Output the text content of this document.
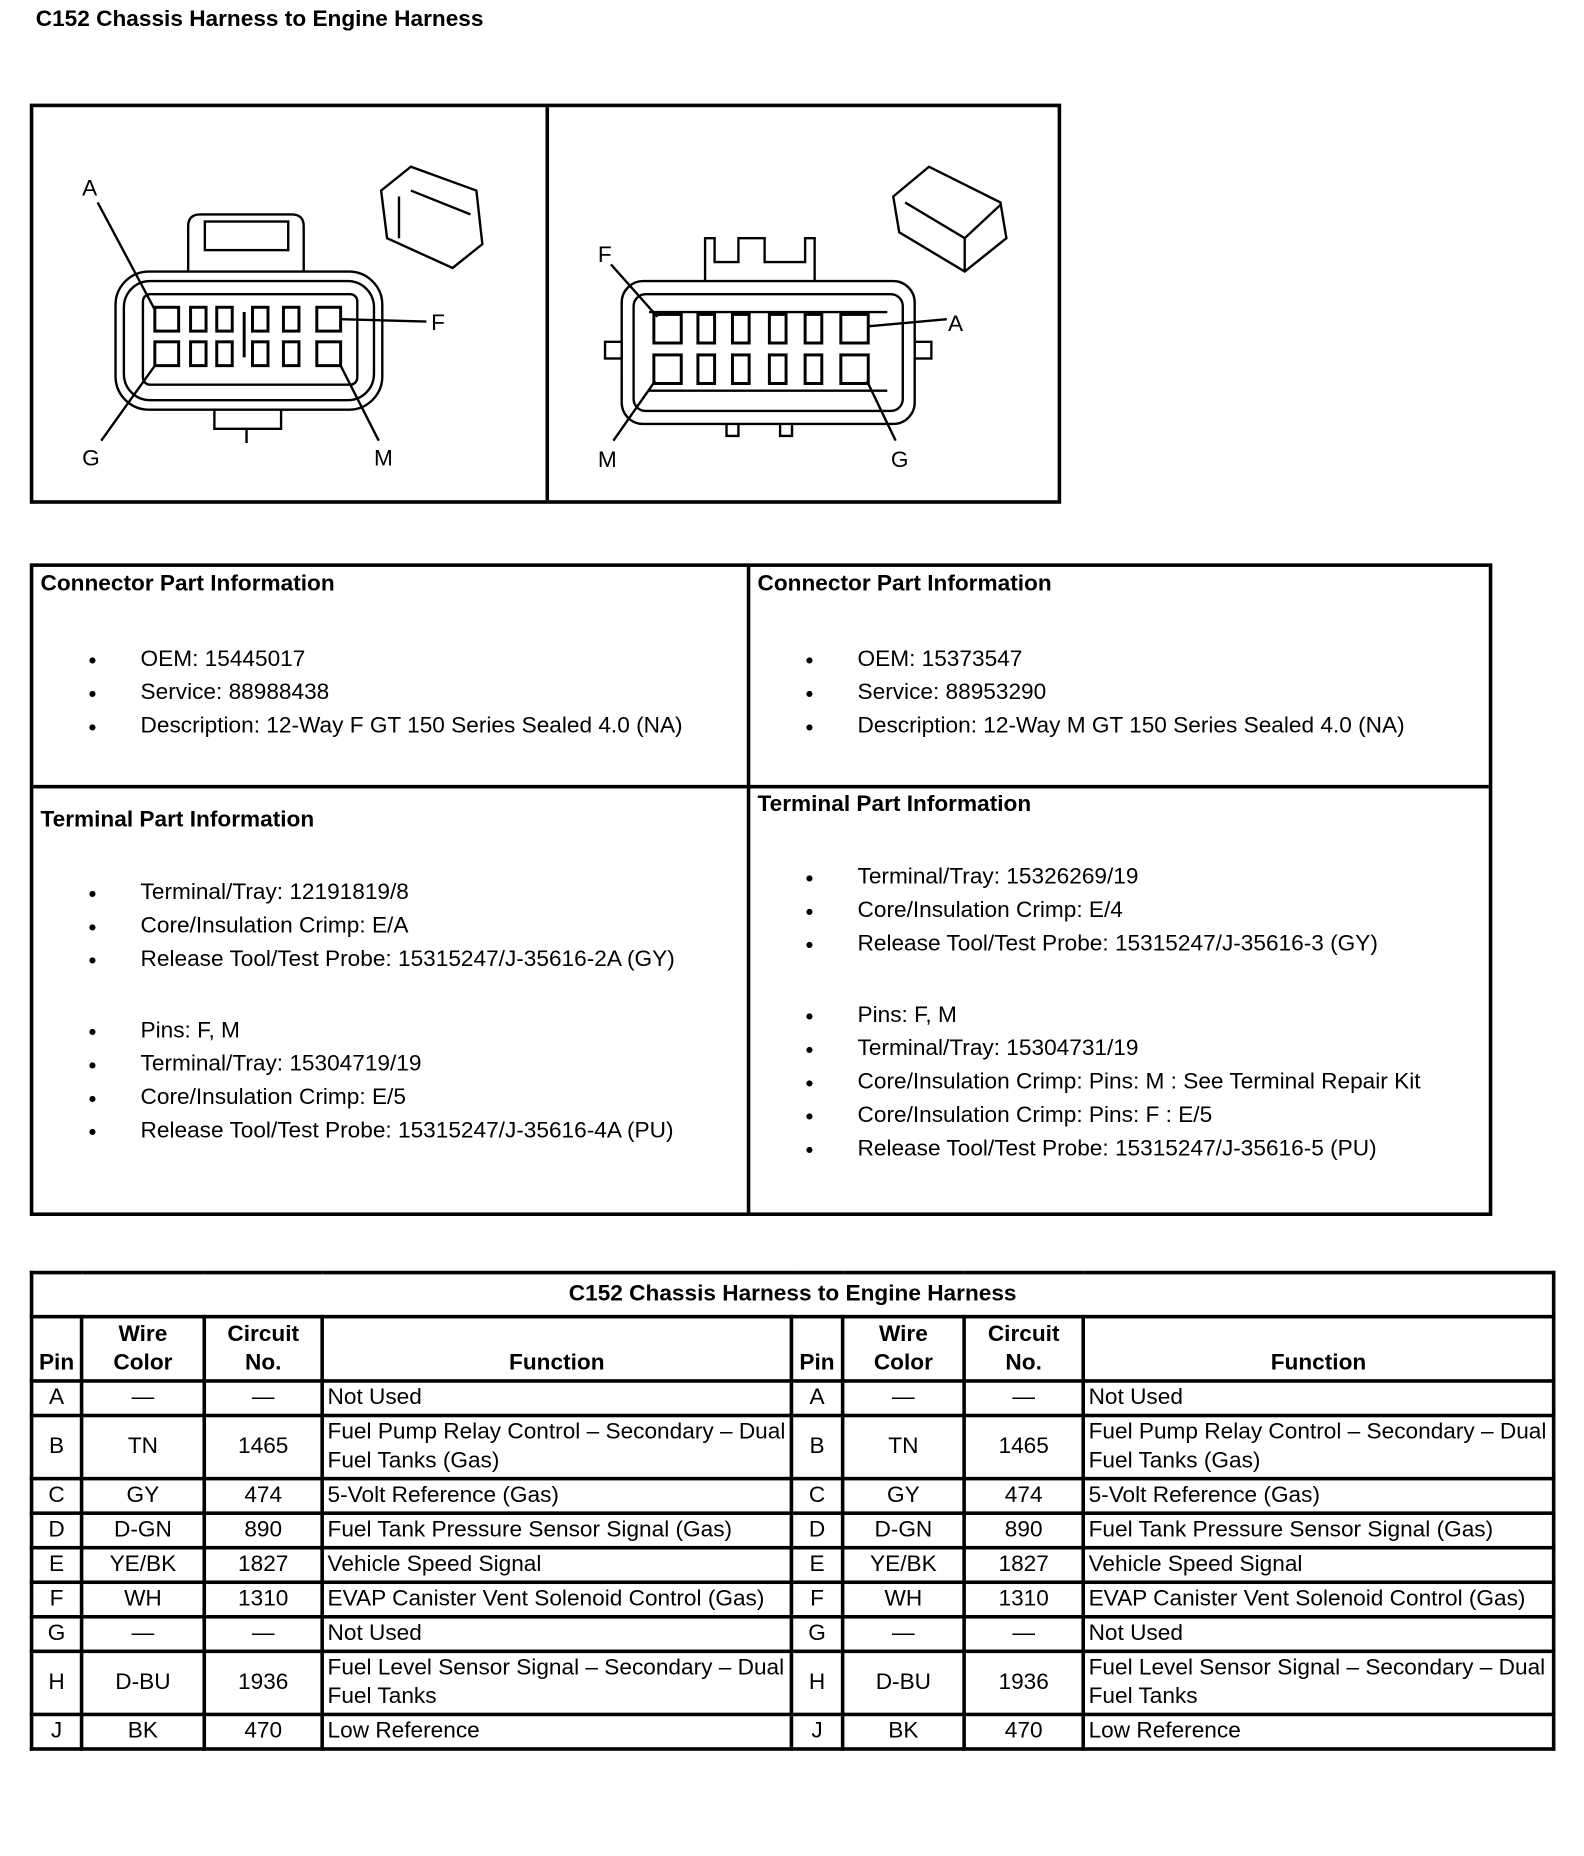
C152 Chassis Harness to Engine Harness
A
F
G	M
F
A
M	G
Connector Part Information
● OEM: 15445017
● Service: 88988438
● Description: 12-Way F GT 150 Series Sealed 4.0 (NA)
Connector Part Information
● OEM: 15373547
● Service: 88953290
● Description: 12-Way M GT 150 Series Sealed 4.0 (NA)
Terminal Part Information
● Terminal/Tray: 12191819/8
● Core/Insulation Crimp: E/A
● Release Tool/Test Probe: 15315247/J-35616-2A (GY)
● Pins: F, M
● Terminal/Tray: 15304719/19
● Core/Insulation Crimp: E/5
● Release Tool/Test Probe: 15315247/J-35616-4A (PU)
Terminal Part Information
● Terminal/Tray: 15326269/19
● Core/Insulation Crimp: E/4
● Release Tool/Test Probe: 15315247/J-35616-3 (GY)
● Pins: F, M
● Terminal/Tray: 15304731/19
● Core/Insulation Crimp: Pins: M : See Terminal Repair Kit
● Core/Insulation Crimp: Pins: F : E/5
● Release Tool/Test Probe: 15315247/J-35616-5 (PU)
C152 Chassis Harness to Engine Harness							
Pin	Wire Color	Circuit No.	Function	Pin	Wire Color	Circuit No.	Function
A	—	—	Not Used	A	—	—	Not Used
B	TN	1465	Fuel Pump Relay Control – Secondary – Dual Fuel Tanks (Gas)	B	TN	1465	Fuel Pump Relay Control – Secondary – Dual Fuel Tanks (Gas)
C	GY	474	5-Volt Reference (Gas)	C	GY	474	5-Volt Reference (Gas)
D	D-GN	890	Fuel Tank Pressure Sensor Signal (Gas)	D	D-GN	890	Fuel Tank Pressure Sensor Signal (Gas)
E	YE/BK	1827	Vehicle Speed Signal	E	YE/BK	1827	Vehicle Speed Signal
F	WH	1310	EVAP Canister Vent Solenoid Control (Gas)	F	WH	1310	EVAP Canister Vent Solenoid Control (Gas)
G	—	—	Not Used	G	—	—	Not Used
H	D-BU	1936	Fuel Level Sensor Signal – Secondary – Dual Fuel Tanks	H	D-BU	1936	Fuel Level Sensor Signal – Secondary – Dual Fuel Tanks
J	BK	470	Low Reference	J	BK	470	Low Reference
